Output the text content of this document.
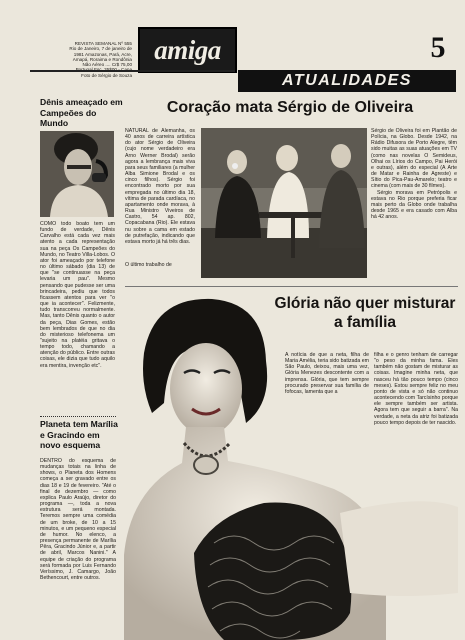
REVISTA SEMANAL Nº 555
Rio de Janeiro, 7 de janeiro de
1981 Amazonas, Pará, Acre,
Amapá, Roraima e Rondônia
Não Aéreo .... Cr$ 75,00
Foto de Sérgio de Souza
amiga	5
ATUALIDADES
Dênis ameaçado em Campeões do Mundo
COMO todo boato tem um fundo de verdade, Dênis Carvalho está cada vez mais atento a cada representação sua na peça Os Campeões do Mundo, no Teatro Villa-Lobos. O ator foi ameaçado por telefone no último sábado (dia 13) de que "se continuasse na peça levaria um pau". Mesmo pensando que pudesse ser uma brincadeira, pediu que todos ficassem atentos para ver "o que ia acontecer". Felizmente, tudo transcorreu normalmente. Mas, tanto Dênis quanto o autor da peça, Dias Gomes, estão bem lembrados de que no dia do misterioso telefonema um "sujeito na platéia gritava o tempo todo, chamando a atenção do público. Entre outras coisas, ele dizia que tudo aquilo era mentira, invenção etc".
Planeta tem Marília e Gracindo em novo esquema
DENTRO do esquema de mudanças totais na linha de shows, o Planeta dos Homens começa a ser gravado entre os dias 18 e 19 de fevereiro. "Até o final de dezembro — como explica Paulo Araújo, diretor do programa —, toda a nova estrutura será montada. Teremos sempre uma comédia de um broke, de 10 a 15 minutos, e um pequeno especial de humor. No elenco, a presença permanente de Marília Pêra, Gracindo Júnior e, a partir de abril, Marcos Nanini." A equipe de criação do programa será formada por Luis Fernando Veríssimo, J. Camargo, João Bethencourt, entre outros.
Coração mata Sérgio de Oliveira
NATURAL de Alemanha, os 40 anos de carreira artística do ator Sérgio de Oliveira (cujo nome verdadeiro era Arno Werner Brodal) serão agora a lembrança mais viva para seus familiares (a mulher Alba Simione Brodal e os cinco filhos). Sérgio foi encontrado morto por sua empregada no último dia 18, vítima de parada cardíaca, no apartamento onde morava, à Rua Ministro Viveiros de Castro, 54 ap. 802, Copacabana (Rio). Ele estava nu sobre a cama em estado de putrefação, indicando que estava morto já há três dias.
Sérgio de Oliveira foi em Plantão de Polícia, na Globo. Desde 1942, na Rádio Difusora de Porto Alegre, têm sido muitas as suas atuações em TV (como nas novelas O Semideus, Olhai os Lírios do Campo, Pai Herói e outras), além do especial (A Arte de Matar e Rainha de Agreste) e Sítio do Pica-Pau-Amarelo; teatro e cinema (com mais de 30 filmes).
Sérgio morava em Petrópolis e estava no Rio porque preferia ficar mais perto da Globo onde trabalha desde 1965 e era casado com Alba há 42 anos.
O último trabalho de
Glória não quer misturar
a família
A notícia de que a neta, filha de Maria Amélia, teria sido batizada em São Paulo, deixou, mais uma vez, Glória Menezes descontente com a imprensa. Glória, que tem sempre procurado preservar sua família de fofocas, lamenta que a
filha e o genro tenham de carregar "o peso da minha fama. Eles também não gostam de misturar as coisas. Imagine minha neta, que nasceu há tão pouco tempo (cinco meses). Estou sempre feliz no meu ponto de vista e só não continuo acontecendo com Tarcísinho porque ele sempre também ser artista. Agora tem que seguir a barra". Na verdade, a neta da atriz foi batizada pouco tempo depois de ter nascido.
